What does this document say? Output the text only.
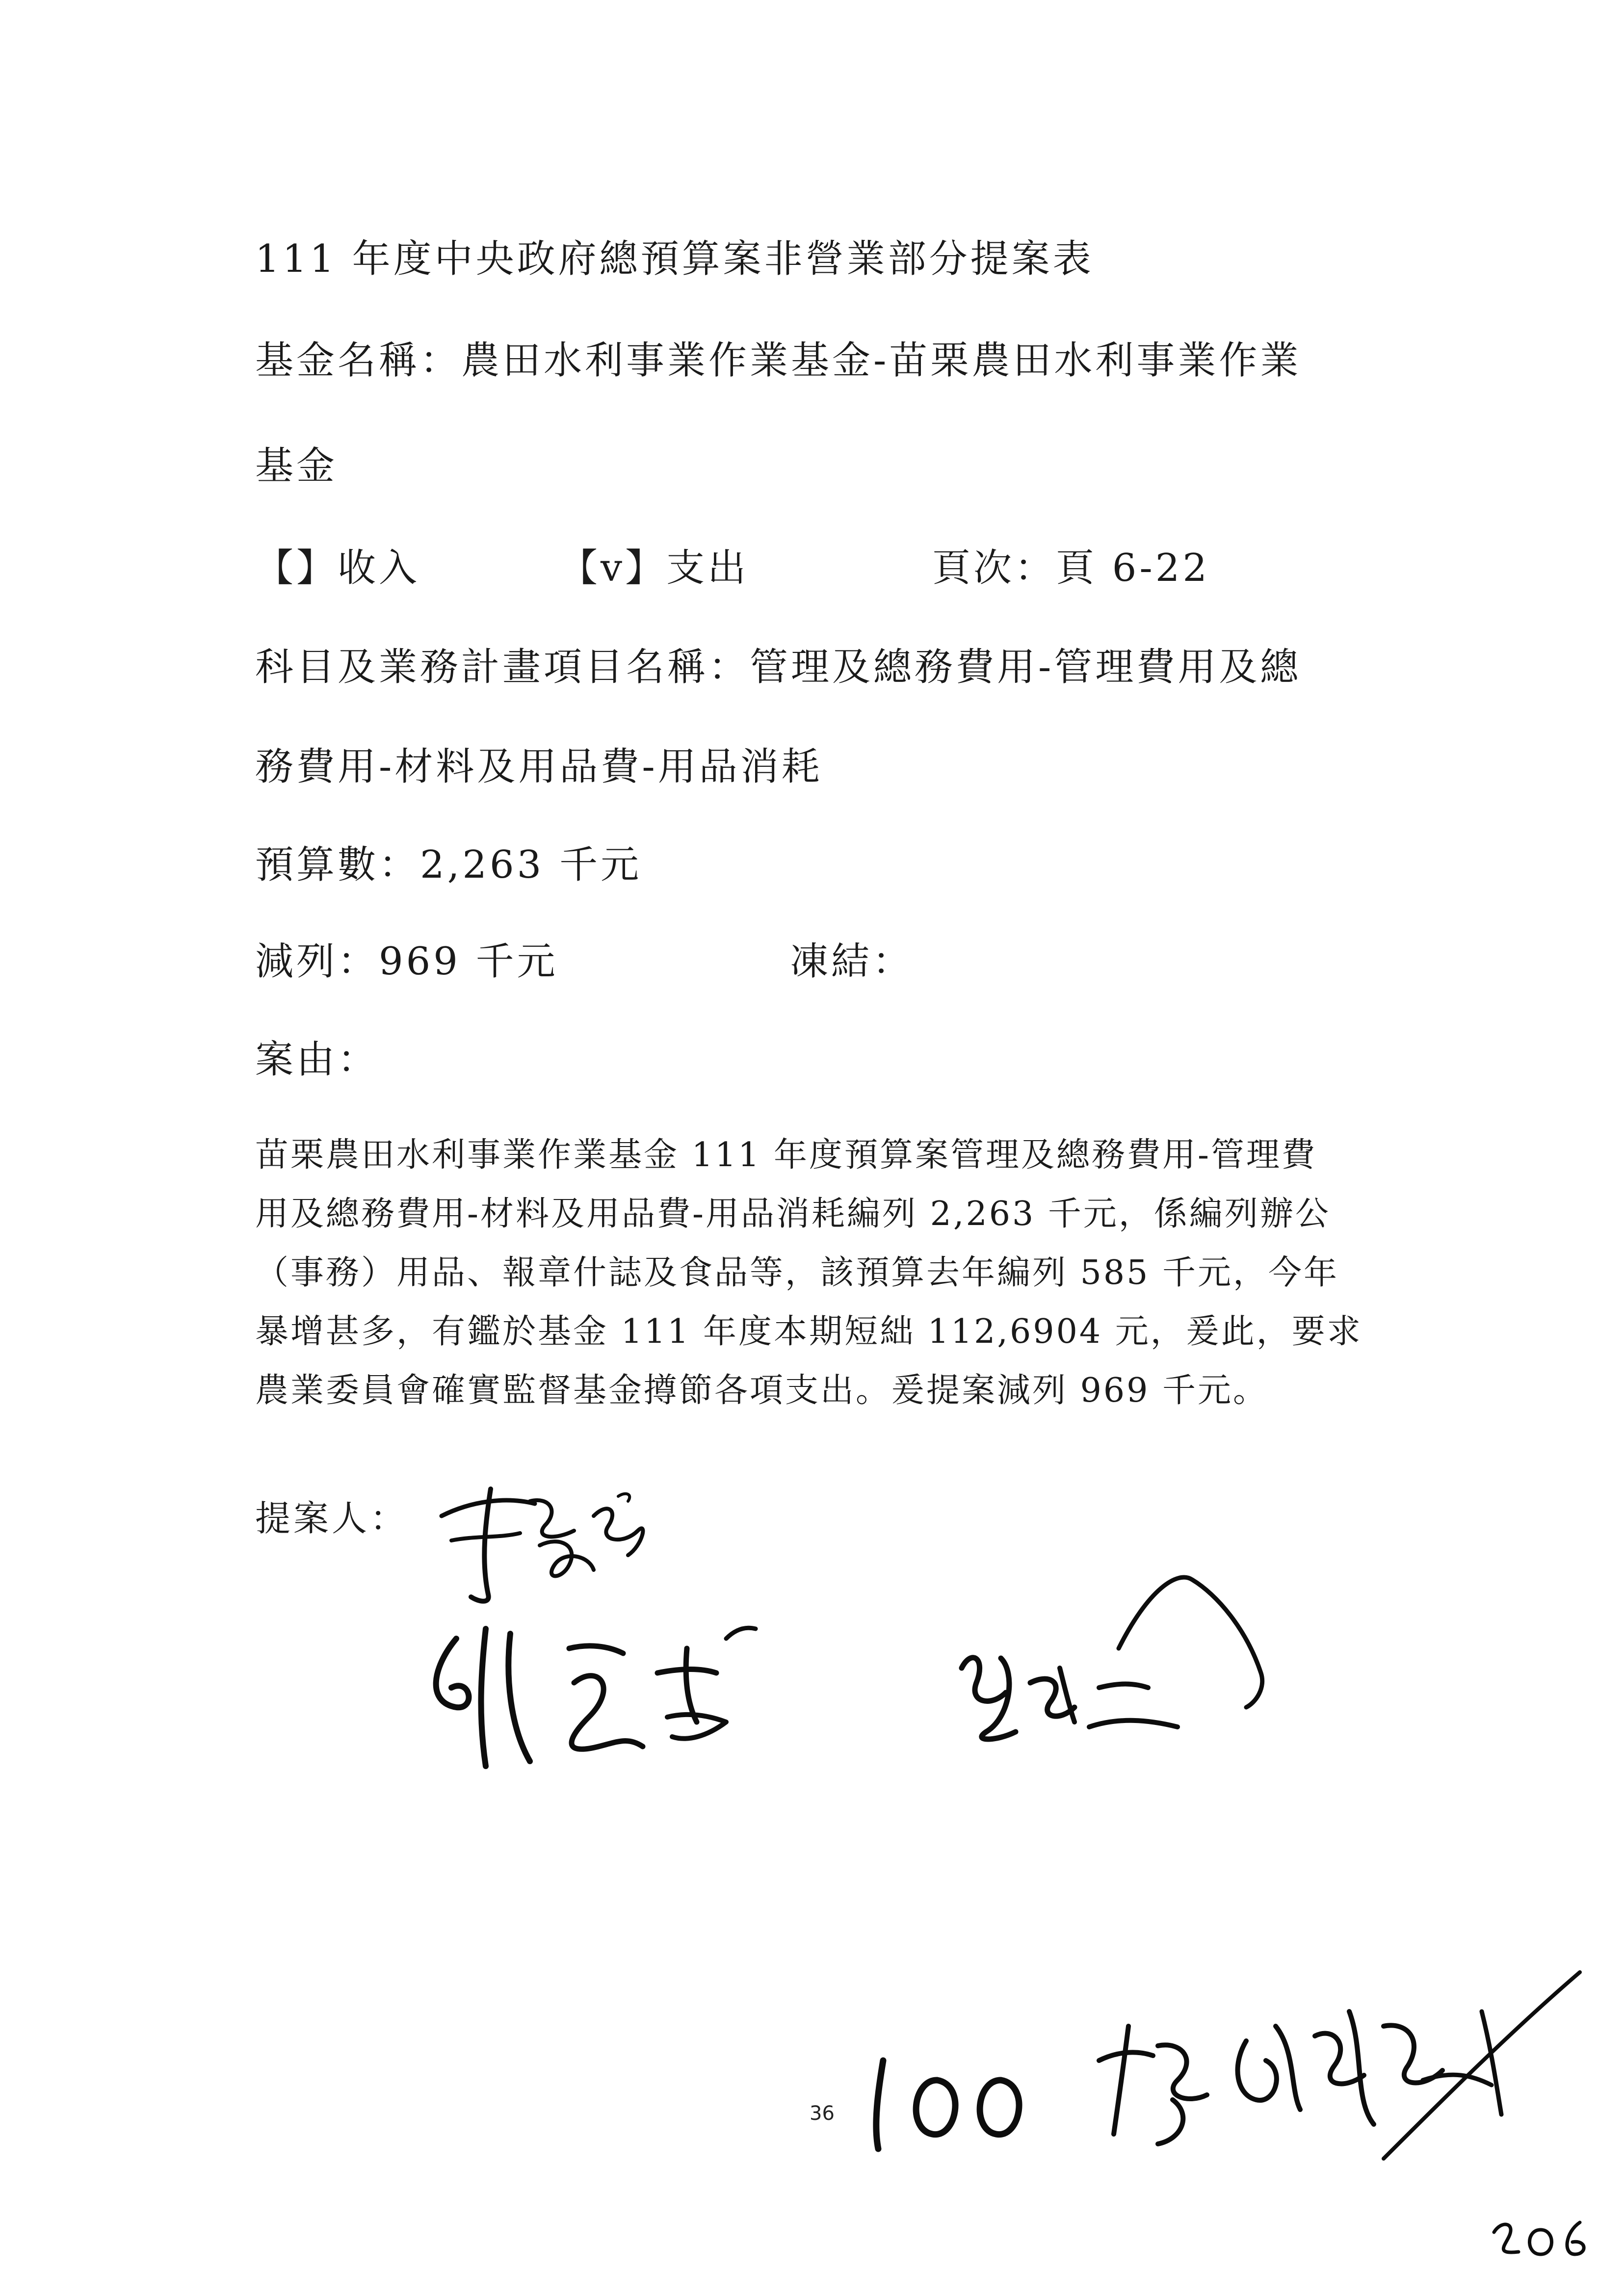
111 年度中央政府總預算案非營業部分提案表
基金名稱：農田水利事業作業基金-苗栗農田水利事業作業
基金
【】收入	【v】支出	頁次：頁 6-22
科目及業務計畫項目名稱：管理及總務費用-管理費用及總
務費用-材料及用品費-用品消耗
預算數：2,263 千元
減列：969 千元	凍結：
案由：
苗栗農田水利事業作業基金 111 年度預算案管理及總務費用-管理費
用及總務費用-材料及用品費-用品消耗編列 2,263 千元，係編列辦公
（事務）用品、報章什誌及食品等，該預算去年編列 585 千元，今年
暴增甚多，有鑑於基金 111 年度本期短絀 112,6904 元，爰此，要求
農業委員會確實監督基金撙節各項支出。爰提案減列 969 千元。
提案人：
36
